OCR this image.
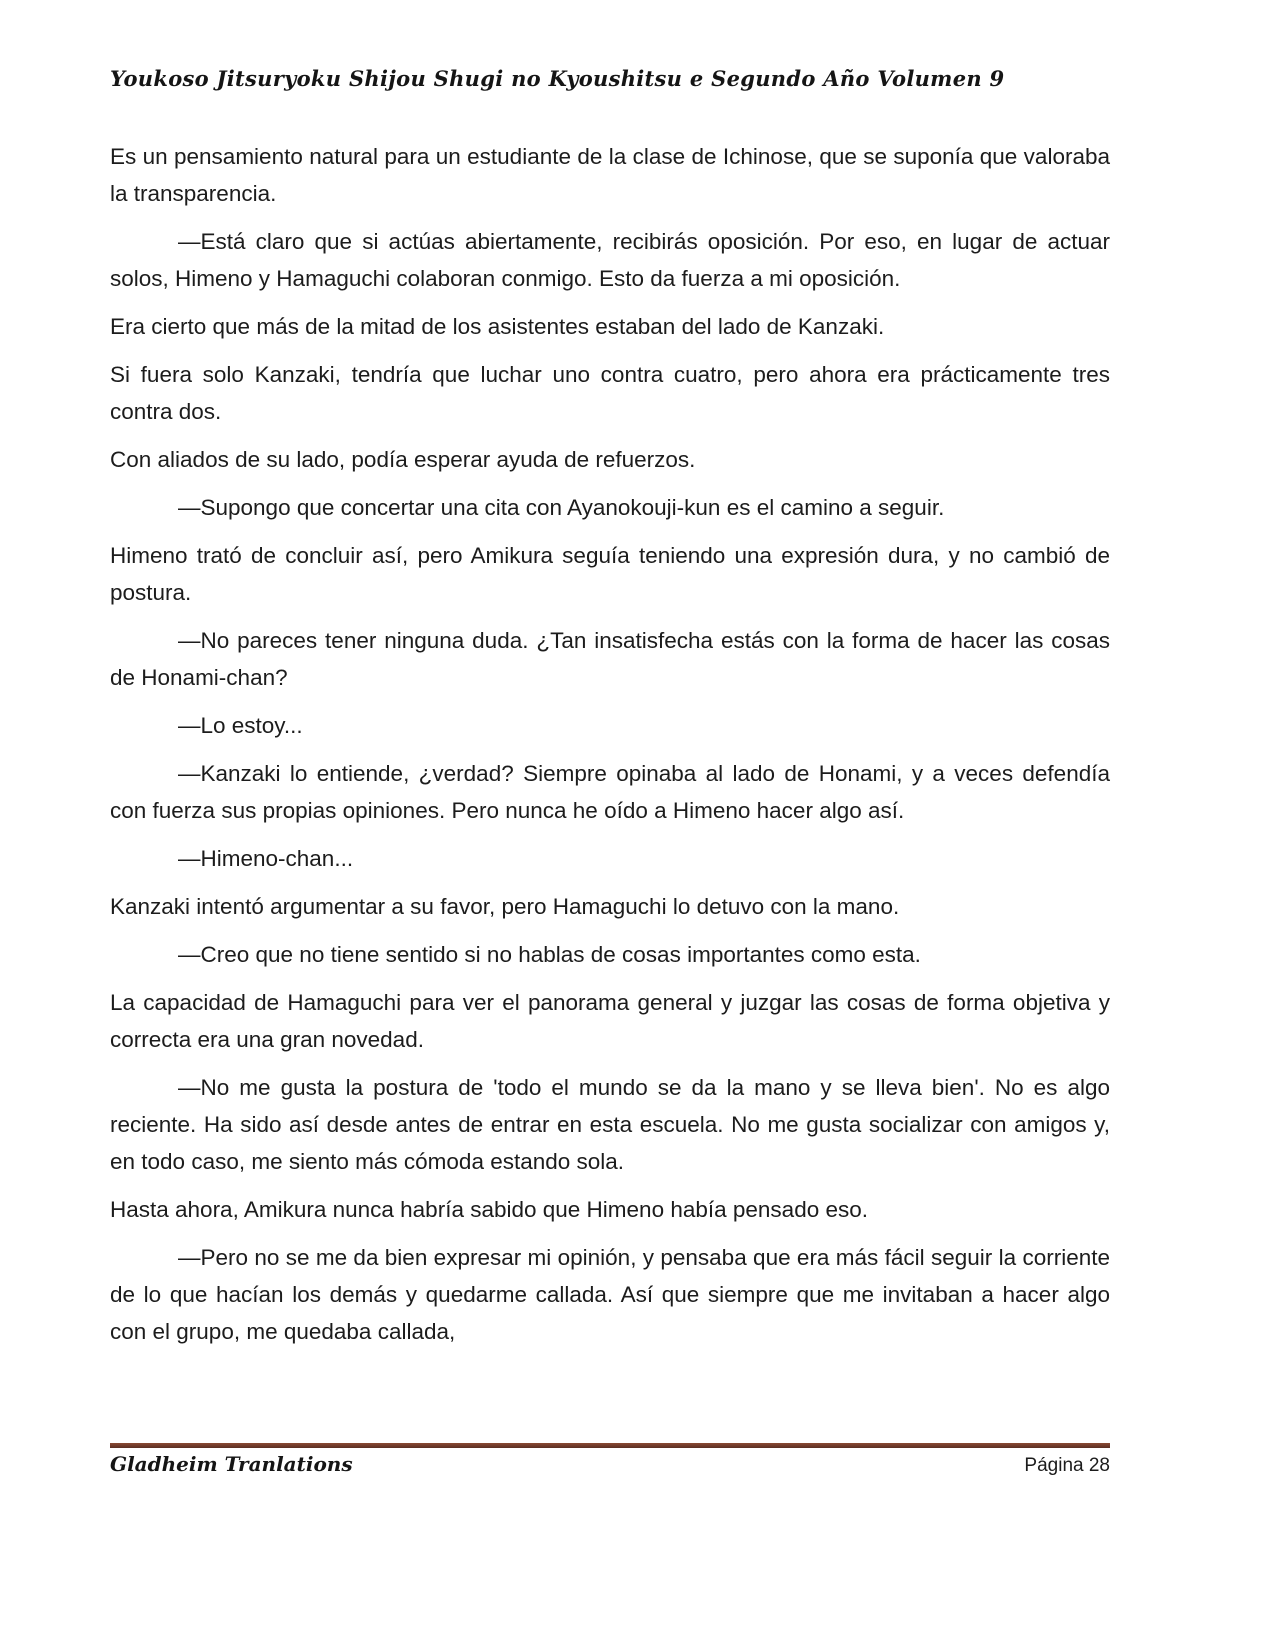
Youkoso Jitsuryoku Shijou Shugi no Kyoushitsu e Segundo Año Volumen 9

Es un pensamiento natural para un estudiante de la clase de Ichinose, que se suponía que valoraba la transparencia.

—Está claro que si actúas abiertamente, recibirás oposición. Por eso, en lugar de actuar solos, Himeno y Hamaguchi colaboran conmigo. Esto da fuerza a mi oposición.

Era cierto que más de la mitad de los asistentes estaban del lado de Kanzaki.

Si fuera solo Kanzaki, tendría que luchar uno contra cuatro, pero ahora era prácticamente tres contra dos.

Con aliados de su lado, podía esperar ayuda de refuerzos.

—Supongo que concertar una cita con Ayanokouji-kun es el camino a seguir.

Himeno trató de concluir así, pero Amikura seguía teniendo una expresión dura, y no cambió de postura.

—No pareces tener ninguna duda. ¿Tan insatisfecha estás con la forma de hacer las cosas de Honami-chan?

—Lo estoy...

—Kanzaki lo entiende, ¿verdad? Siempre opinaba al lado de Honami, y a veces defendía con fuerza sus propias opiniones. Pero nunca he oído a Himeno hacer algo así.

—Himeno-chan...

Kanzaki intentó argumentar a su favor, pero Hamaguchi lo detuvo con la mano.

—Creo que no tiene sentido si no hablas de cosas importantes como esta.

La capacidad de Hamaguchi para ver el panorama general y juzgar las cosas de forma objetiva y correcta era una gran novedad.

—No me gusta la postura de 'todo el mundo se da la mano y se lleva bien'. No es algo reciente. Ha sido así desde antes de entrar en esta escuela. No me gusta socializar con amigos y, en todo caso, me siento más cómoda estando sola.

Hasta ahora, Amikura nunca habría sabido que Himeno había pensado eso.

—Pero no se me da bien expresar mi opinión, y pensaba que era más fácil seguir la corriente de lo que hacían los demás y quedarme callada. Así que siempre que me invitaban a hacer algo con el grupo, me quedaba callada,

Gladheim Tranlations	Página 28
